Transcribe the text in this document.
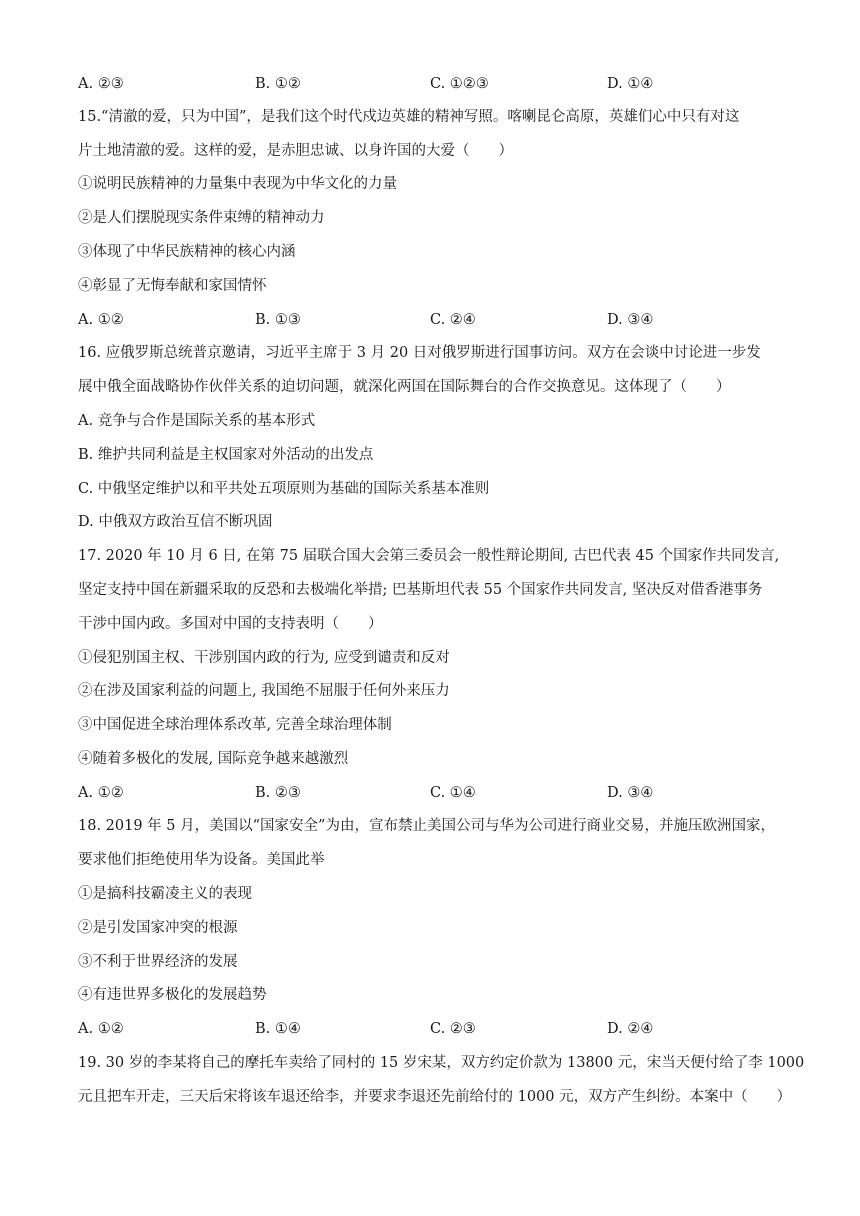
A. ②③	B. ①②	C. ①②③	D. ①④
15.“清澈的爱，只为中国”，是我们这个时代戍边英雄的精神写照。喀喇昆仑高原，英雄们心中只有对这
片土地清澈的爱。这样的爱，是赤胆忠诚、以身许国的大爱（　　）
①说明民族精神的力量集中表现为中华文化的力量
②是人们摆脱现实条件束缚的精神动力
③体现了中华民族精神的核心内涵
④彰显了无悔奉献和家国情怀
A. ①②	B. ①③	C. ②④	D. ③④
16. 应俄罗斯总统普京邀请，习近平主席于 3 月 20 日对俄罗斯进行国事访问。双方在会谈中讨论进一步发
展中俄全面战略协作伙伴关系的迫切问题，就深化两国在国际舞台的合作交换意见。这体现了（　　）
A. 竞争与合作是国际关系的基本形式
B. 维护共同利益是主权国家对外活动的出发点
C. 中俄坚定维护以和平共处五项原则为基础的国际关系基本准则
D. 中俄双方政治互信不断巩固
17. 2020 年 10 月 6 日, 在第 75 届联合国大会第三委员会一般性辩论期间, 古巴代表 45 个国家作共同发言,
坚定支持中国在新疆采取的反恐和去极端化举措; 巴基斯坦代表 55 个国家作共同发言, 坚决反对借香港事务
干涉中国内政。多国对中国的支持表明（　　）
①侵犯别国主权、干涉别国内政的行为, 应受到谴责和反对
②在涉及国家利益的问题上, 我国绝不屈服于任何外来压力
③中国促进全球治理体系改革, 完善全球治理体制
④随着多极化的发展, 国际竞争越来越激烈
A. ①②	B. ②③	C. ①④	D. ③④
18. 2019 年 5 月，美国以“国家安全”为由，宣布禁止美国公司与华为公司进行商业交易，并施压欧洲国家，
要求他们拒绝使用华为设备。美国此举
①是搞科技霸凌主义的表现
②是引发国家冲突的根源
③不利于世界经济的发展
④有违世界多极化的发展趋势
A. ①②	B. ①④	C. ②③	D. ②④
19. 30 岁的李某将自己的摩托车卖给了同村的 15 岁宋某，双方约定价款为 13800 元，宋当天便付给了李 1000
元且把车开走，三天后宋将该车退还给李，并要求李退还先前给付的 1000 元，双方产生纠纷。本案中（　　）
